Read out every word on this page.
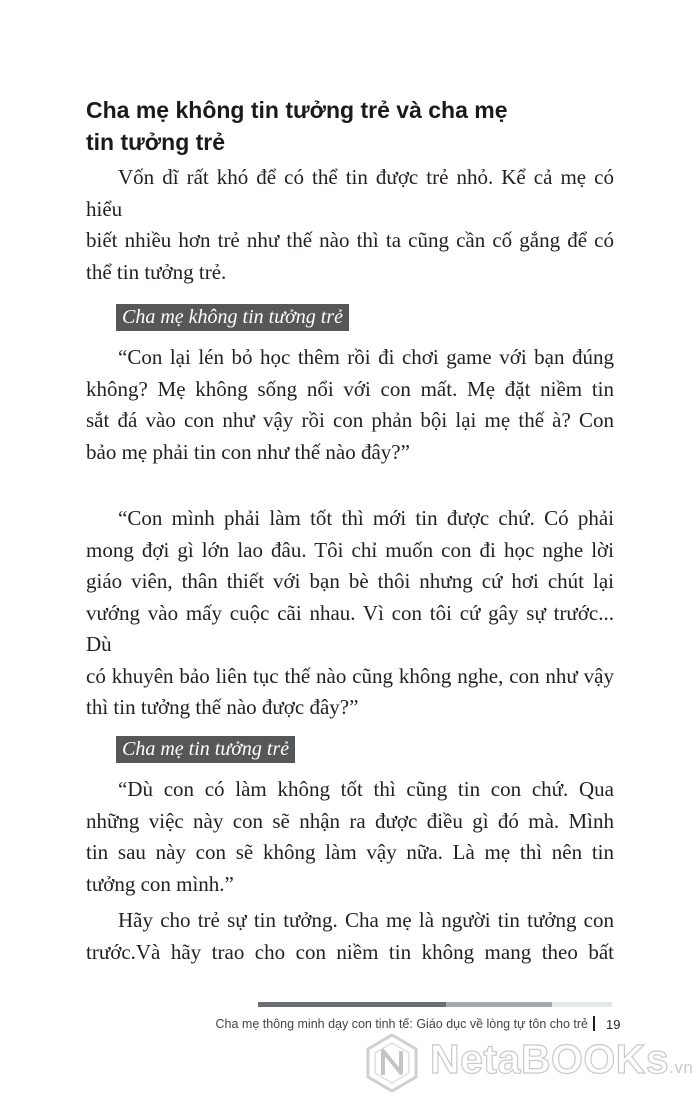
Cha mẹ không tin tưởng trẻ và cha mẹ
tin tưởng trẻ
Vốn dĩ rất khó để có thể tin được trẻ nhỏ. Kể cả mẹ có hiểu
biết nhiều hơn trẻ như thế nào thì ta cũng cần cố gắng để có
thể tin tưởng trẻ.
Cha mẹ không tin tưởng trẻ
“Con lại lén bỏ học thêm rồi đi chơi game với bạn đúng
không? Mẹ không sống nổi với con mất. Mẹ đặt niềm tin
sắt đá vào con như vậy rồi con phản bội lại mẹ thế à? Con
bảo mẹ phải tin con như thế nào đây?”
“Con mình phải làm tốt thì mới tin được chứ. Có phải
mong đợi gì lớn lao đâu. Tôi chỉ muốn con đi học nghe lời
giáo viên, thân thiết với bạn bè thôi nhưng cứ hơi chút lại
vướng vào mấy cuộc cãi nhau. Vì con tôi cứ gây sự trước... Dù
có khuyên bảo liên tục thế nào cũng không nghe, con như vậy
thì tin tưởng thế nào được đây?”
Cha mẹ tin tưởng trẻ
“Dù con có làm không tốt thì cũng tin con chứ. Qua
những việc này con sẽ nhận ra được điều gì đó mà. Mình
tin sau này con sẽ không làm vậy nữa. Là mẹ thì nên tin
tưởng con mình.”
Hãy cho trẻ sự tin tưởng. Cha mẹ là người tin tưởng con
trước.Và hãy trao cho con niềm tin không mang theo bất
Cha mẹ thông minh dạy con tinh tế: Giáo dục về lòng tự tôn cho trẻ 19
NetaBOOKs.vn
